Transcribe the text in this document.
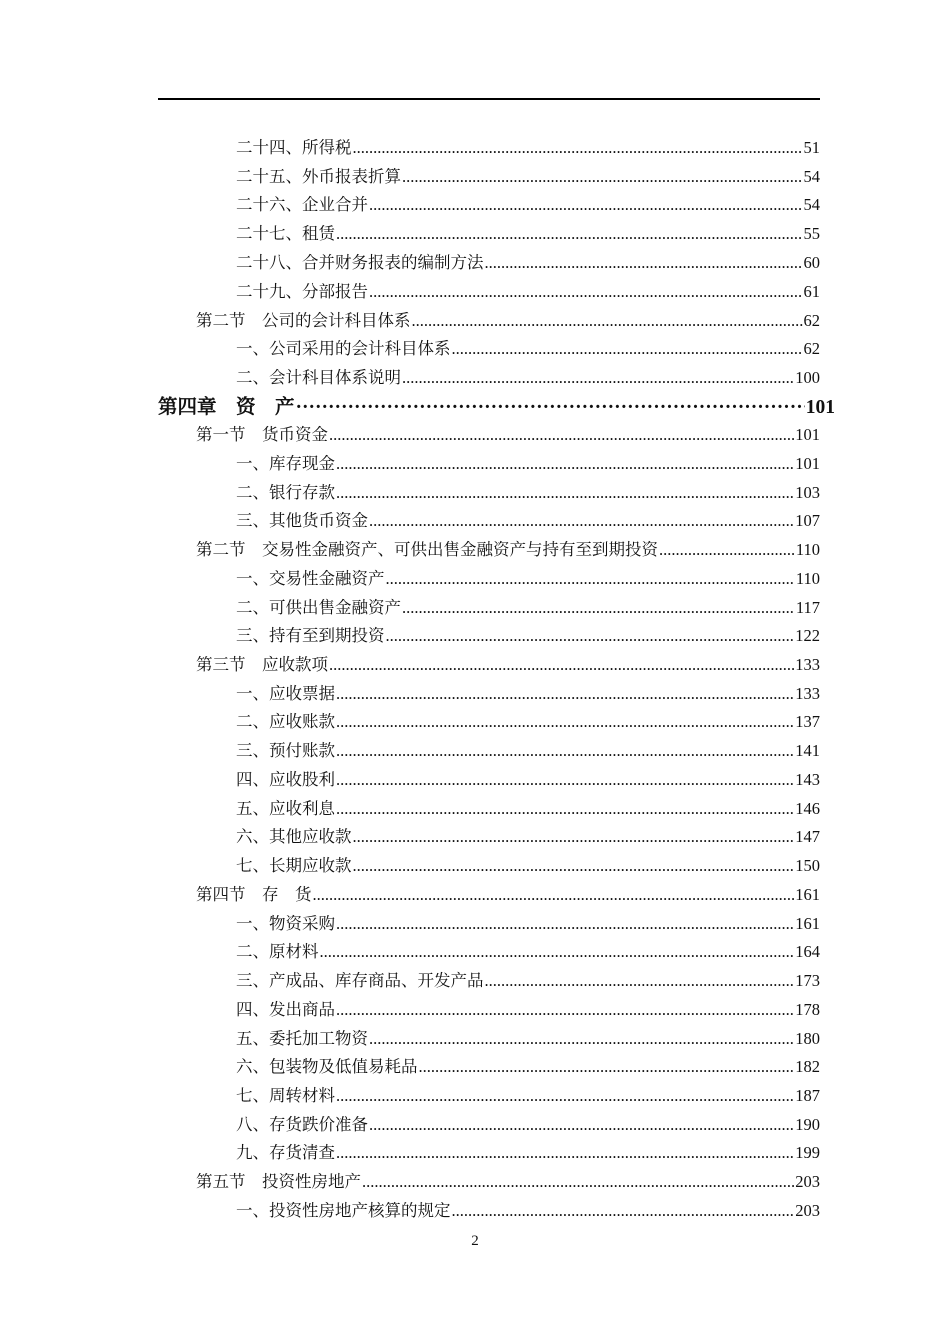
二十四、所得税 .....	51
二十五、外币报表折算 .....	54
二十六、企业合并 .....	54
二十七、租赁 .....	55
二十八、合并财务报表的编制方法 .....	60
二十九、分部报告 .....	61
第二节　公司的会计科目体系 .....	62
一、公司采用的会计科目体系 .....	62
二、会计科目体系说明 .....	100
第四章　资　产 ·····	101
第一节　货币资金 .....	101
一、库存现金 .....	101
二、银行存款 .....	103
三、其他货币资金 .....	107
第二节　交易性金融资产、可供出售金融资产与持有至到期投资 .....	110
一、交易性金融资产 .....	110
二、可供出售金融资产 .....	117
三、持有至到期投资 .....	122
第三节　应收款项 .....	133
一、应收票据 .....	133
二、应收账款 .....	137
三、预付账款 .....	141
四、应收股利 .....	143
五、应收利息 .....	146
六、其他应收款 .....	147
七、长期应收款 .....	150
第四节　存　货 .....	161
一、物资采购 .....	161
二、原材料 .....	164
三、产成品、库存商品、开发产品 .....	173
四、发出商品 .....	178
五、委托加工物资 .....	180
六、包装物及低值易耗品 .....	182
七、周转材料 .....	187
八、存货跌价准备 .....	190
九、存货清查 .....	199
第五节　投资性房地产 .....	203
一、投资性房地产核算的规定 .....	203
2
